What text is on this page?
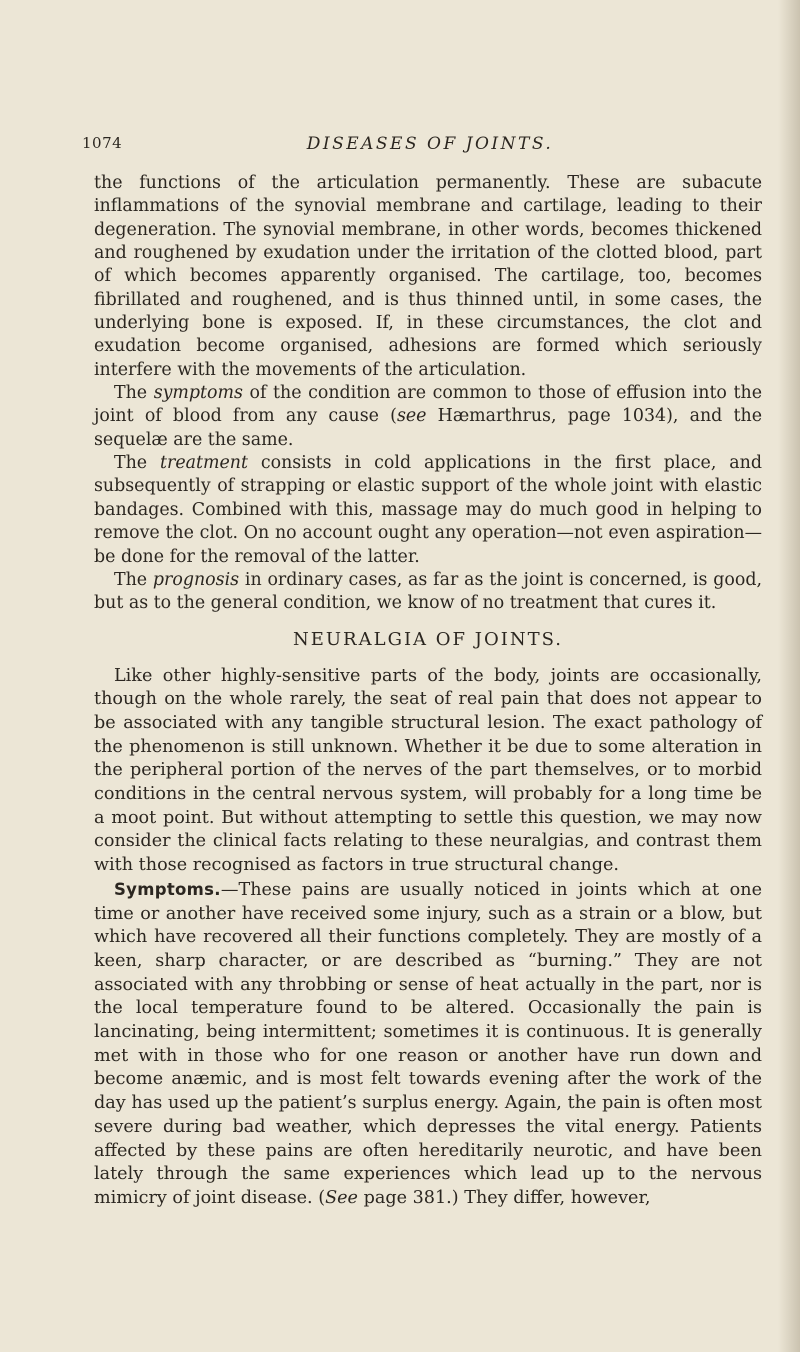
1074	DISEASES OF JOINTS.

the functions of the articulation permanently. These are subacute inflammations of the synovial membrane and cartilage, leading to their degeneration. The synovial membrane, in other words, becomes thickened and roughened by exudation under the irritation of the clotted blood, part of which becomes apparently organised. The cartilage, too, becomes fibrillated and roughened, and is thus thinned until, in some cases, the underlying bone is exposed. If, in these circumstances, the clot and exudation become organised, adhesions are formed which seriously interfere with the movements of the articulation.

The symptoms of the condition are common to those of effusion into the joint of blood from any cause (see Hæmarthrus, page 1034), and the sequelæ are the same.

The treatment consists in cold applications in the first place, and subsequently of strapping or elastic support of the whole joint with elastic bandages. Combined with this, massage may do much good in helping to remove the clot. On no account ought any operation—not even aspiration—be done for the removal of the latter.

The prognosis in ordinary cases, as far as the joint is concerned, is good, but as to the general condition, we know of no treatment that cures it.

NEURALGIA OF JOINTS.

Like other highly-sensitive parts of the body, joints are occasionally, though on the whole rarely, the seat of real pain that does not appear to be associated with any tangible structural lesion. The exact pathology of the phenomenon is still unknown. Whether it be due to some alteration in the peripheral portion of the nerves of the part themselves, or to morbid conditions in the central nervous system, will probably for a long time be a moot point. But without attempting to settle this question, we may now consider the clinical facts relating to these neuralgias, and contrast them with those recognised as factors in true structural change.

Symptoms.—These pains are usually noticed in joints which at one time or another have received some injury, such as a strain or a blow, but which have recovered all their functions completely. They are mostly of a keen, sharp character, or are described as “burning.” They are not associated with any throbbing or sense of heat actually in the part, nor is the local temperature found to be altered. Occasionally the pain is lancinating, being intermittent; sometimes it is continuous. It is generally met with in those who for one reason or another have run down and become anæmic, and is most felt towards evening after the work of the day has used up the patient’s surplus energy. Again, the pain is often most severe during bad weather, which depresses the vital energy. Patients affected by these pains are often hereditarily neurotic, and have been lately through the same experiences which lead up to the nervous mimicry of joint disease. (See page 381.) They differ, however,
